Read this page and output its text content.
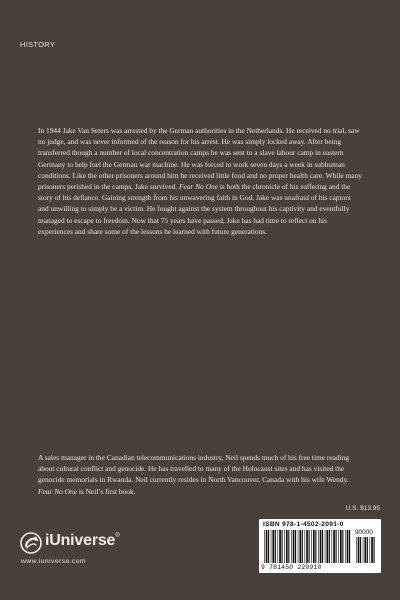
HISTORY

In 1944 Jake Van Seters was arrested by the German authorities in the Netherlands. He received no trial, saw no judge, and was never informed of the reason for his arrest. He was simply locked away. After being transferred though a number of local concentration camps he was sent to a slave labour camp in eastern Germany to help fuel the German war machine. He was forced to work seven days a week in subhuman conditions. Like the other prisoners around him he received little food and no proper health care. While many prisoners perished in the camps, Jake survived. Fear No One is both the chronicle of his suffering and the story of his defiance. Gaining strength from his unwavering faith in God, Jake was unafraid of his captors and unwilling to simply be a victim. He fought against the system throughout his captivity and eventfully managed to escape to freedom. Now that 75 years have passed, Jake has had time to reflect on his experiences and share some of the lessons he learned with future generations.

A sales manager in the Canadian telecommunications industry, Neil spends much of his free time reading about cultural conflict and genocide. He has travelled to many of the Holocaust sites and has visited the genocide memorials in Rwanda. Neil currently resides in North Vancouver, Canada with his wife Wendy. Fear No One is Neil’s first book.

U.S. $13.95
iUniverse®
www.iuniverse.com
ISBN 978-1-4502-2091-0
90000
9 781450 220910
